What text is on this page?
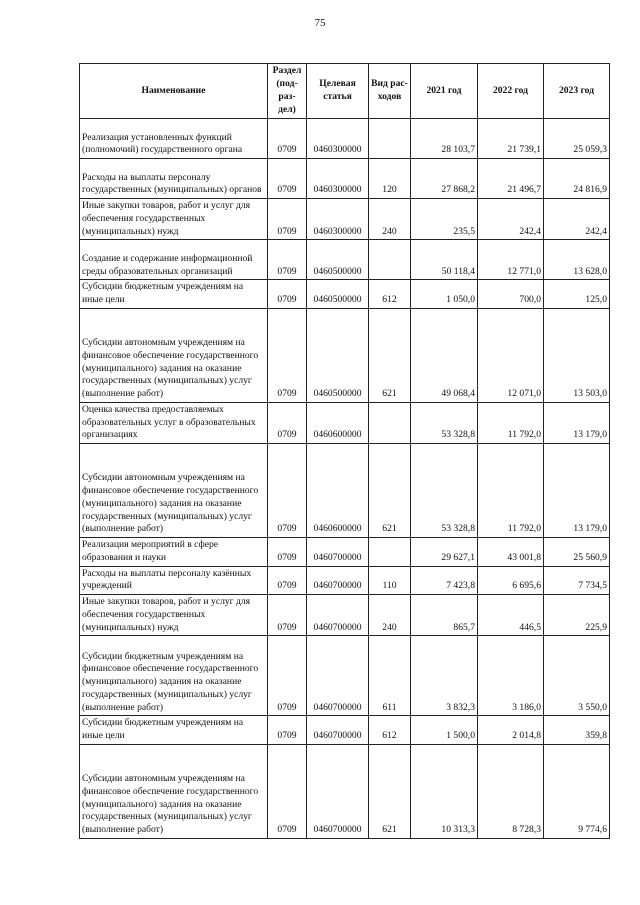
75
Наименование	Раздел (под-раз-дел)	Целевая статья	Вид рас-ходов	2021 год	2022 год	2023 год
Реализация установленных функций (полномочий) государственного органа	0709	0460300000		28 103,7	21 739,1	25 059,3
Расходы на выплаты персоналу государственных (муниципальных) органов	0709	0460300000	120	27 868,2	21 496,7	24 816,9
Иные закупки товаров, работ и услуг для обеспечения государственных (муниципальных) нужд	0709	0460300000	240	235,5	242,4	242,4
Создание и содержание информационной среды образовательных организаций	0709	0460500000		50 118,4	12 771,0	13 628,0
Субсидии бюджетным учреждениям на иные цели	0709	0460500000	612	1 050,0	700,0	125,0
Субсидии автономным учреждениям на финансовое обеспечение государственного (муниципального) задания на оказание государственных (муниципальных) услуг (выполнение работ)	0709	0460500000	621	49 068,4	12 071,0	13 503,0
Оценка качества предоставляемых образовательных услуг в образовательных организациях	0709	0460600000		53 328,8	11 792,0	13 179,0
Субсидии автономным учреждениям на финансовое обеспечение государственного (муниципального) задания на оказание государственных (муниципальных) услуг (выполнение работ)	0709	0460600000	621	53 328,8	11 792,0	13 179,0
Реализация мероприятий в сфере образования и науки	0709	0460700000		29 627,1	43 001,8	25 560,9
Расходы на выплаты персоналу казённых учреждений	0709	0460700000	110	7 423,8	6 695,6	7 734,5
Иные закупки товаров, работ и услуг для обеспечения государственных (муниципальных) нужд	0709	0460700000	240	865,7	446,5	225,9
Субсидии бюджетным учреждениям на финансовое обеспечение государственного (муниципального) задания на оказание государственных (муниципальных) услуг (выполнение работ)	0709	0460700000	611	3 832,3	3 186,0	3 550,0
Субсидии бюджетным учреждениям на иные цели	0709	0460700000	612	1 500,0	2 014,8	359,8
Субсидии автономным учреждениям на финансовое обеспечение государственного (муниципального) задания на оказание государственных (муниципальных) услуг (выполнение работ)	0709	0460700000	621	10 313,3	8 728,3	9 774,6
